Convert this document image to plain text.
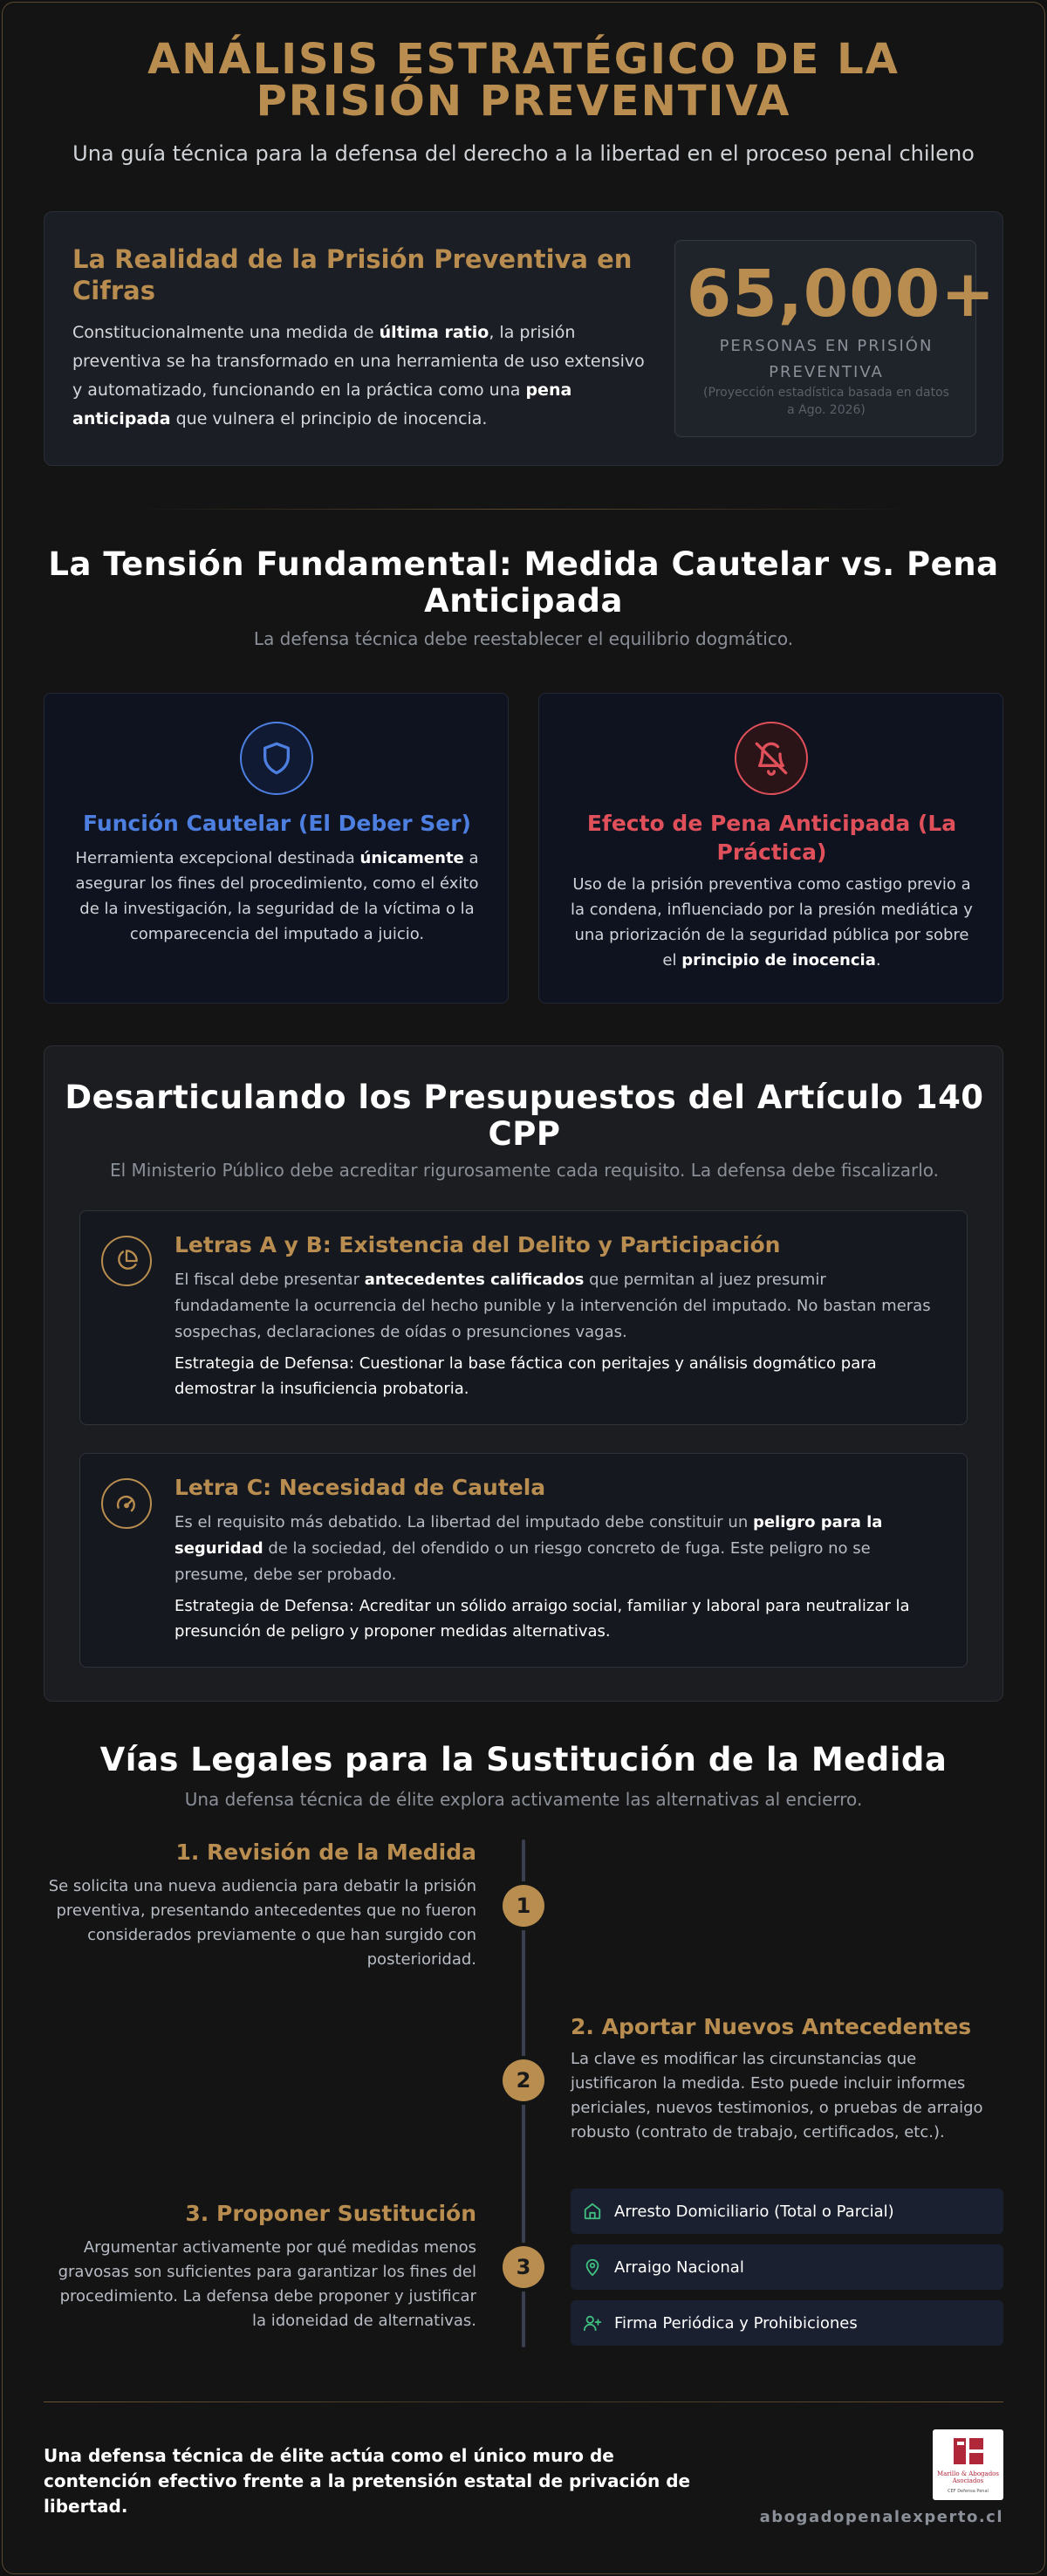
ANÁLISIS ESTRATÉGICO DE LA PRISIÓN PREVENTIVA

Una guía técnica para la defensa del derecho a la libertad en el proceso penal chileno

La Realidad de la Prisión Preventiva en Cifras

Constitucionalmente una medida de última ratio, la prisión preventiva se ha transformado en una herramienta de uso extensivo y automatizado, funcionando en la práctica como una pena anticipada que vulnera el principio de inocencia.

65,000+
PERSONAS EN PRISIÓN PREVENTIVA
(Proyección estadística basada en datos a Ago. 2026)
La Tensión Fundamental: Medida Cautelar vs. Pena Anticipada

La defensa técnica debe reestablecer el equilibrio dogmático.

Función Cautelar (El Deber Ser)

Herramienta excepcional destinada únicamente a asegurar los fines del procedimiento, como el éxito de la investigación, la seguridad de la víctima o la comparecencia del imputado a juicio.

Efecto de Pena Anticipada (La Práctica)

Uso de la prisión preventiva como castigo previo a la condena, influenciado por la presión mediática y una priorización de la seguridad pública por sobre el principio de inocencia.

Desarticulando los Presupuestos del Artículo 140 CPP

El Ministerio Público debe acreditar rigurosamente cada requisito. La defensa debe fiscalizarlo.

Letras A y B: Existencia del Delito y Participación

El fiscal debe presentar antecedentes calificados que permitan al juez presumir fundadamente la ocurrencia del hecho punible y la intervención del imputado. No bastan meras sospechas, declaraciones de oídas o presunciones vagas.

Estrategia de Defensa: Cuestionar la base fáctica con peritajes y análisis dogmático para demostrar la insuficiencia probatoria.

Letra C: Necesidad de Cautela

Es el requisito más debatido. La libertad del imputado debe constituir un peligro para la seguridad de la sociedad, del ofendido o un riesgo concreto de fuga. Este peligro no se presume, debe ser probado.

Estrategia de Defensa: Acreditar un sólido arraigo social, familiar y laboral para neutralizar la presunción de peligro y proponer medidas alternativas.

Vías Legales para la Sustitución de la Medida

Una defensa técnica de élite explora activamente las alternativas al encierro.

1. Revisión de la Medida

Se solicita una nueva audiencia para debatir la prisión preventiva, presentando antecedentes que no fueron considerados previamente o que han surgido con posterioridad.

1
2. Aportar Nuevos Antecedentes

La clave es modificar las circunstancias que justificaron la medida. Esto puede incluir informes periciales, nuevos testimonios, o pruebas de arraigo robusto (contrato de trabajo, certificados, etc.).

2
3. Proponer Sustitución

Argumentar activamente por qué medidas menos gravosas son suficientes para garantizar los fines del procedimiento. La defensa debe proponer y justificar la idoneidad de alternativas.

3
Arresto Domiciliario (Total o Parcial)
Arraigo Nacional
Firma Periódica y Prohibiciones

Una defensa técnica de élite actúa como el único muro de contención efectivo frente a la pretensión estatal de privación de libertad.

Marillo & Abogados Asociados
CEF Defensa Penal
abogadopenalexperto.cl
